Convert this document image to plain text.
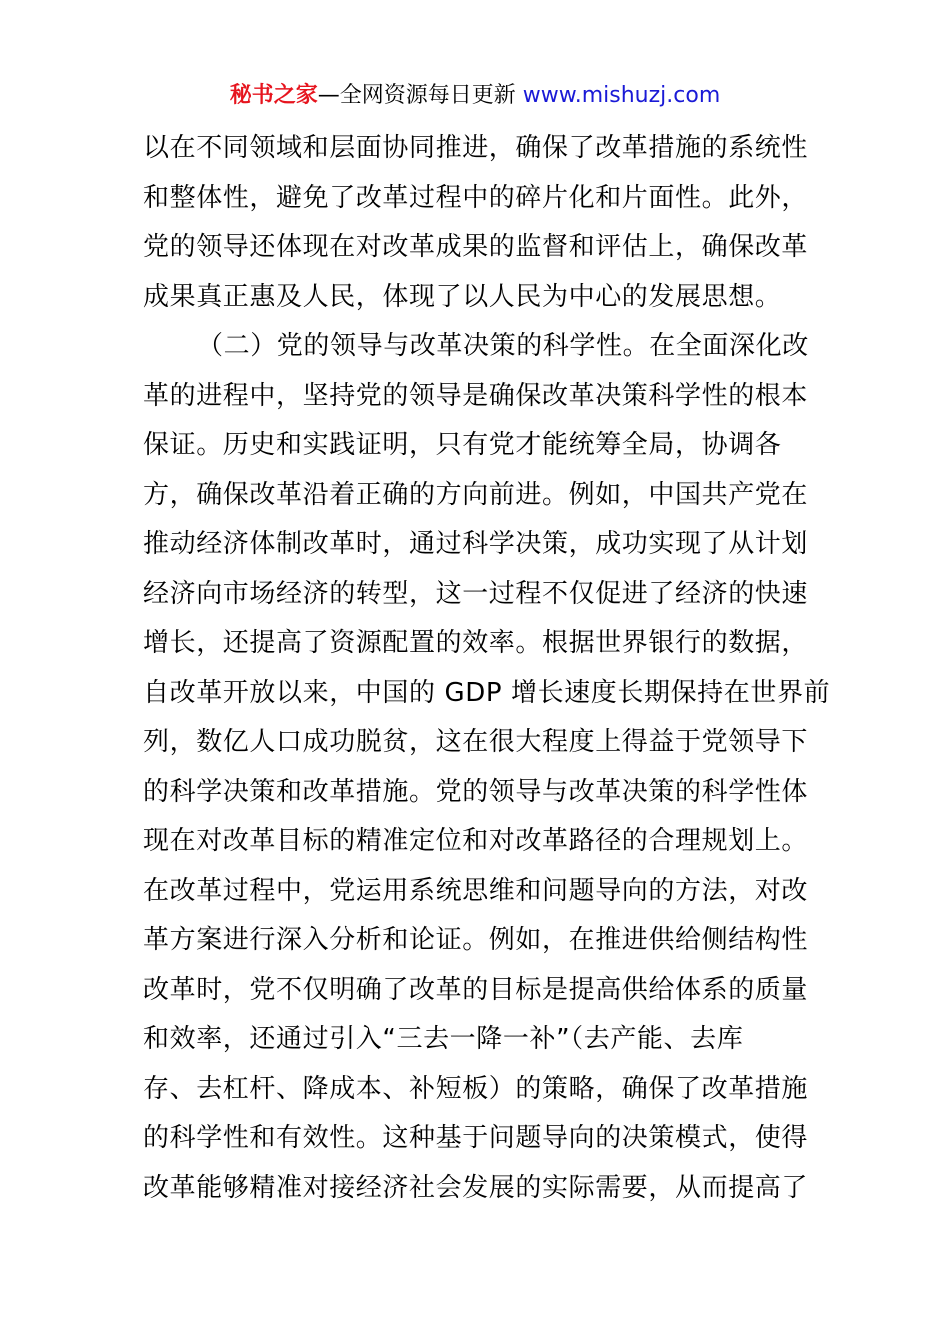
秘书之家—全网资源每日更新 www.mishuzj.com
以在不同领域和层面协同推进，确保了改革措施的系统性
和整体性，避免了改革过程中的碎片化和片面性。此外，
党的领导还体现在对改革成果的监督和评估上，确保改革
成果真正惠及人民，体现了以人民为中心的发展思想。
（二）党的领导与改革决策的科学性。在全面深化改
革的进程中，坚持党的领导是确保改革决策科学性的根本
保证。历史和实践证明，只有党才能统筹全局，协调各
方，确保改革沿着正确的方向前进。例如，中国共产党在
推动经济体制改革时，通过科学决策，成功实现了从计划
经济向市场经济的转型，这一过程不仅促进了经济的快速
增长，还提高了资源配置的效率。根据世界银行的数据，
自改革开放以来，中国的 GDP 增长速度长期保持在世界前
列，数亿人口成功脱贫，这在很大程度上得益于党领导下
的科学决策和改革措施。党的领导与改革决策的科学性体
现在对改革目标的精准定位和对改革路径的合理规划上。
在改革过程中，党运用系统思维和问题导向的方法，对改
革方案进行深入分析和论证。例如，在推进供给侧结构性
改革时，党不仅明确了改革的目标是提高供给体系的质量
和效率，还通过引入“三去一降一补”（去产能、去库
存、去杠杆、降成本、补短板）的策略，确保了改革措施
的科学性和有效性。这种基于问题导向的决策模式，使得
改革能够精准对接经济社会发展的实际需要，从而提高了
